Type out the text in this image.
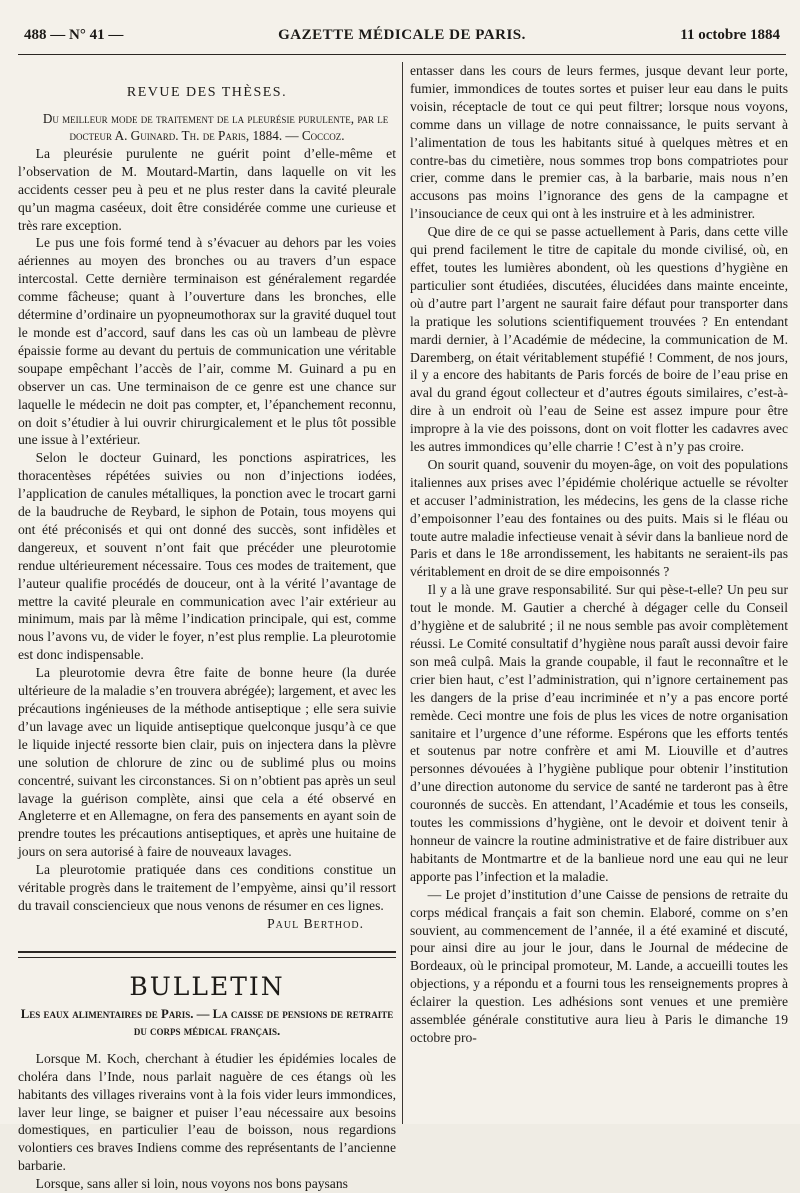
488 — N° 41 —	GAZETTE MÉDICALE DE PARIS.	11 octobre 1884
REVUE DES THÈSES.

Du meilleur mode de traitement de la pleurésie purulente, par le docteur A. Guinard. Th. de Paris, 1884. — Coccoz.

La pleurésie purulente ne guérit point d’elle-même et l’observation de M. Moutard-Martin, dans laquelle on vit les accidents cesser peu à peu et ne plus rester dans la cavité pleurale qu’un magma caséeux, doit être considérée comme une curieuse et très rare exception.

Le pus une fois formé tend à s’évacuer au dehors par les voies aériennes au moyen des bronches ou au travers d’un espace intercostal. Cette dernière terminaison est généralement regardée comme fâcheuse; quant à l’ouverture dans les bronches, elle détermine d’ordinaire un pyopneumothorax sur la gravité duquel tout le monde est d’accord, sauf dans les cas où un lambeau de plèvre épaissie forme au devant du pertuis de communication une véritable soupape empêchant l’accès de l’air, comme M. Guinard a pu en observer un cas. Une terminaison de ce genre est une chance sur laquelle le médecin ne doit pas compter, et, l’épanchement reconnu, on doit s’étudier à lui ouvrir chirurgicalement et le plus tôt possible une issue à l’extérieur.

Selon le docteur Guinard, les ponctions aspiratrices, les thoracentèses répétées suivies ou non d’injections iodées, l’application de canules métalliques, la ponction avec le trocart garni de la baudruche de Reybard, le siphon de Potain, tous moyens qui ont été préconisés et qui ont donné des succès, sont infidèles et dangereux, et souvent n’ont fait que précéder une pleurotomie rendue ultérieurement nécessaire. Tous ces modes de traitement, que l’auteur qualifie procédés de douceur, ont à la vérité l’avantage de mettre la cavité pleurale en communication avec l’air extérieur au minimum, mais par là même l’indication principale, qui est, comme nous l’avons vu, de vider le foyer, n’est plus remplie. La pleurotomie est donc indispensable.

La pleurotomie devra être faite de bonne heure (la durée ultérieure de la maladie s’en trouvera abrégée); largement, et avec les précautions ingénieuses de la méthode antiseptique ; elle sera suivie d’un lavage avec un liquide antiseptique quelconque jusqu’à ce que le liquide injecté ressorte bien clair, puis on injectera dans la plèvre une solution de chlorure de zinc ou de sublimé plus ou moins concentré, suivant les circonstances. Si on n’obtient pas après un seul lavage la guérison complète, ainsi que cela a été observé en Angleterre et en Allemagne, on fera des pansements en ayant soin de prendre toutes les précautions antiseptiques, et après une huitaine de jours on sera autorisé à faire de nouveaux lavages.

La pleurotomie pratiquée dans ces conditions constitue un véritable progrès dans le traitement de l’empyème, ainsi qu’il ressort du travail consciencieux que nous venons de résumer en ces lignes.

Paul Berthod.

BULLETIN
Les eaux alimentaires de Paris. — La caisse de pensions de retraite du corps médical français.

Lorsque M. Koch, cherchant à étudier les épidémies locales de choléra dans l’Inde, nous parlait naguère de ces étangs où les habitants des villages riverains vont à la fois vider leurs immondices, laver leur linge, se baigner et puiser l’eau nécessaire aux besoins domestiques, en particulier l’eau de boisson, nous regardions volontiers ces braves Indiens comme des représentants de l’ancienne barbarie.

Lorsque, sans aller si loin, nous voyons nos bons paysans

entasser dans les cours de leurs fermes, jusque devant leur porte, fumier, immondices de toutes sortes et puiser leur eau dans le puits voisin, réceptacle de tout ce qui peut filtrer; lorsque nous voyons, comme dans un village de notre connaissance, le puits servant à l’alimentation de tous les habitants situé à quelques mètres et en contre-bas du cimetière, nous sommes trop bons compatriotes pour crier, comme dans le premier cas, à la barbarie, mais nous n’en accusons pas moins l’ignorance des gens de la campagne et l’insouciance de ceux qui ont à les instruire et à les administrer.

Que dire de ce qui se passe actuellement à Paris, dans cette ville qui prend facilement le titre de capitale du monde civilisé, où, en effet, toutes les lumières abondent, où les questions d’hygiène en particulier sont étudiées, discutées, élucidées dans mainte enceinte, où d’autre part l’argent ne saurait faire défaut pour transporter dans la pratique les solutions scientifiquement trouvées ? En entendant mardi dernier, à l’Académie de médecine, la communication de M. Daremberg, on était véritablement stupéfié ! Comment, de nos jours, il y a encore des habitants de Paris forcés de boire de l’eau prise en aval du grand égout collecteur et d’autres égouts similaires, c’est-à-dire à un endroit où l’eau de Seine est assez impure pour être impropre à la vie des poissons, dont on voit flotter les cadavres avec les autres immondices qu’elle charrie ! C’est à n’y pas croire.

On sourit quand, souvenir du moyen-âge, on voit des populations italiennes aux prises avec l’épidémie cholérique actuelle se révolter et accuser l’administration, les médecins, les gens de la classe riche d’empoisonner l’eau des fontaines ou des puits. Mais si le fléau ou toute autre maladie infectieuse venait à sévir dans la banlieue nord de Paris et dans le 18e arrondissement, les habitants ne seraient-ils pas véritablement en droit de se dire empoisonnés ?

Il y a là une grave responsabilité. Sur qui pèse-t-elle? Un peu sur tout le monde. M. Gautier a cherché à dégager celle du Conseil d’hygiène et de salubrité ; il ne nous semble pas avoir complètement réussi. Le Comité consultatif d’hygiène nous paraît aussi devoir faire son meâ culpâ. Mais la grande coupable, il faut le reconnaître et le crier bien haut, c’est l’administration, qui n’ignore certainement pas les dangers de la prise d’eau incriminée et n’y a pas encore porté remède. Ceci montre une fois de plus les vices de notre organisation sanitaire et l’urgence d’une réforme. Espérons que les efforts tentés et soutenus par notre confrère et ami M. Liouville et d’autres personnes dévouées à l’hygiène publique pour obtenir l’institution d’une direction autonome du service de santé ne tarderont pas à être couronnés de succès. En attendant, l’Académie et tous les conseils, toutes les commissions d’hygiène, ont le devoir et doivent tenir à honneur de vaincre la routine administrative et de faire distribuer aux habitants de Montmartre et de la banlieue nord une eau qui ne leur apporte pas l’infection et la maladie.

— Le projet d’institution d’une Caisse de pensions de retraite du corps médical français a fait son chemin. Elaboré, comme on s’en souvient, au commencement de l’année, il a été examiné et discuté, pour ainsi dire au jour le jour, dans le Journal de médecine de Bordeaux, où le principal promoteur, M. Lande, a accueilli toutes les objections, y a répondu et a fourni tous les renseignements propres à éclairer la question. Les adhésions sont venues et une première assemblée générale constitutive aura lieu à Paris le dimanche 19 octobre pro-
